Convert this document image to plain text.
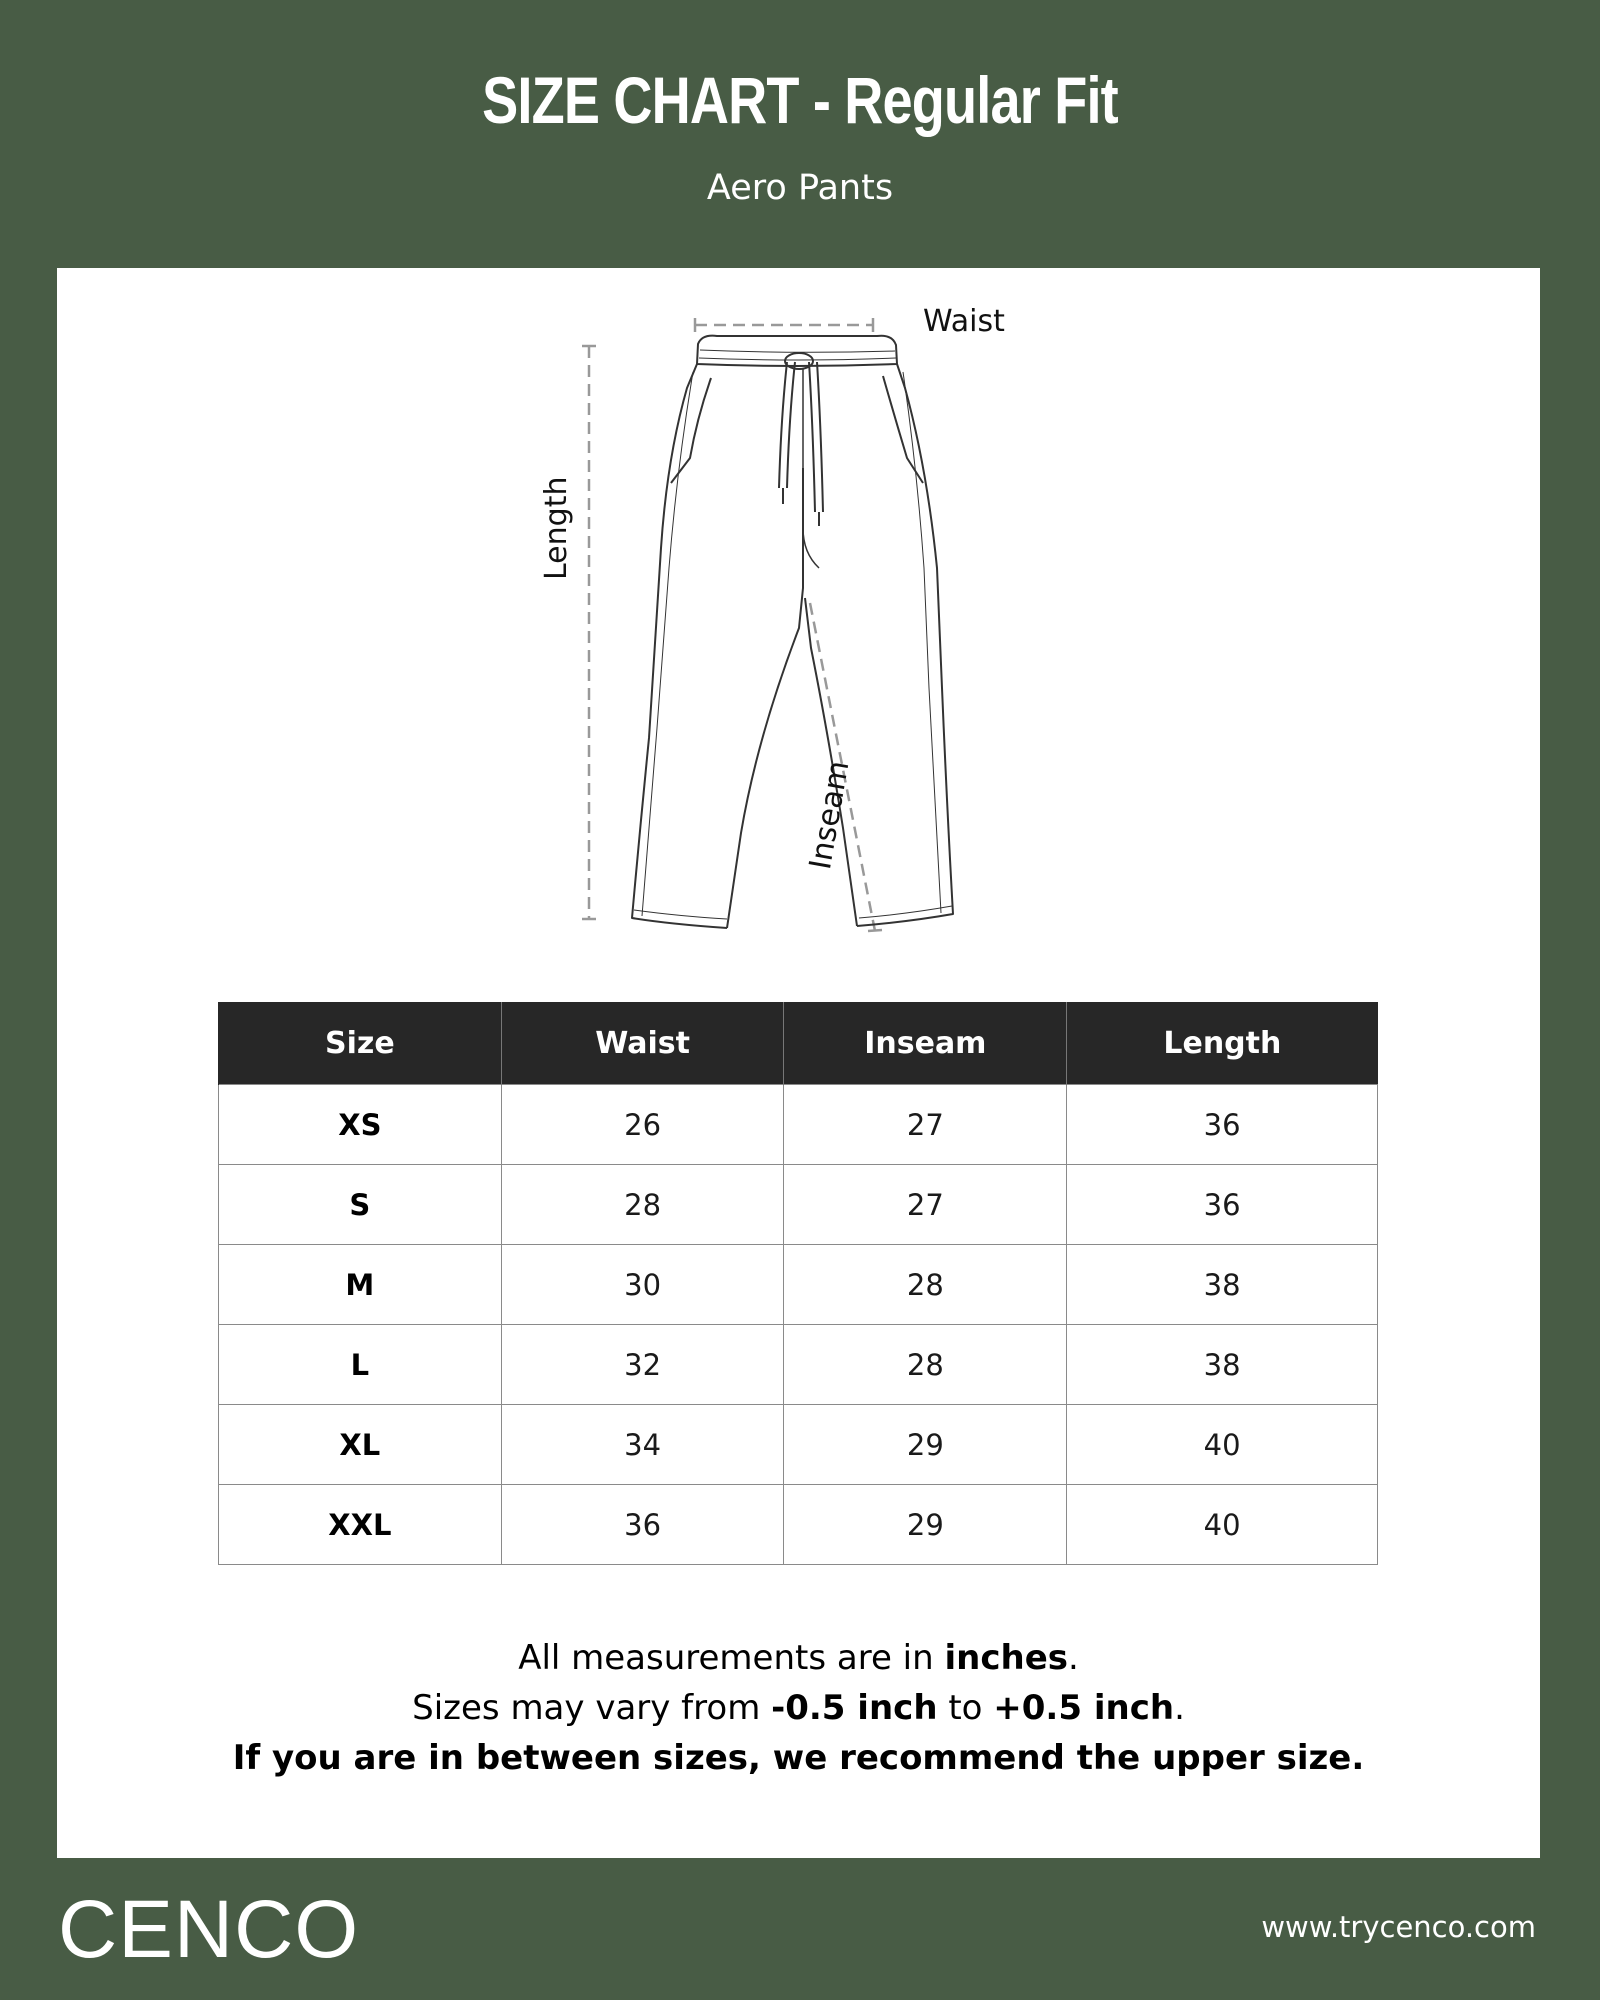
SIZE CHART - Regular Fit
Aero Pants
Waist
Length
Inseam
Size	Waist	Inseam	Length
XS	26	27	36
S	28	27	36
M	30	28	38
L	32	28	38
XL	34	29	40
XXL	36	29	40
All measurements are in inches.
Sizes may vary from -0.5 inch to +0.5 inch.
If you are in between sizes, we recommend the upper size.
CENCO	www.trycenco.com
